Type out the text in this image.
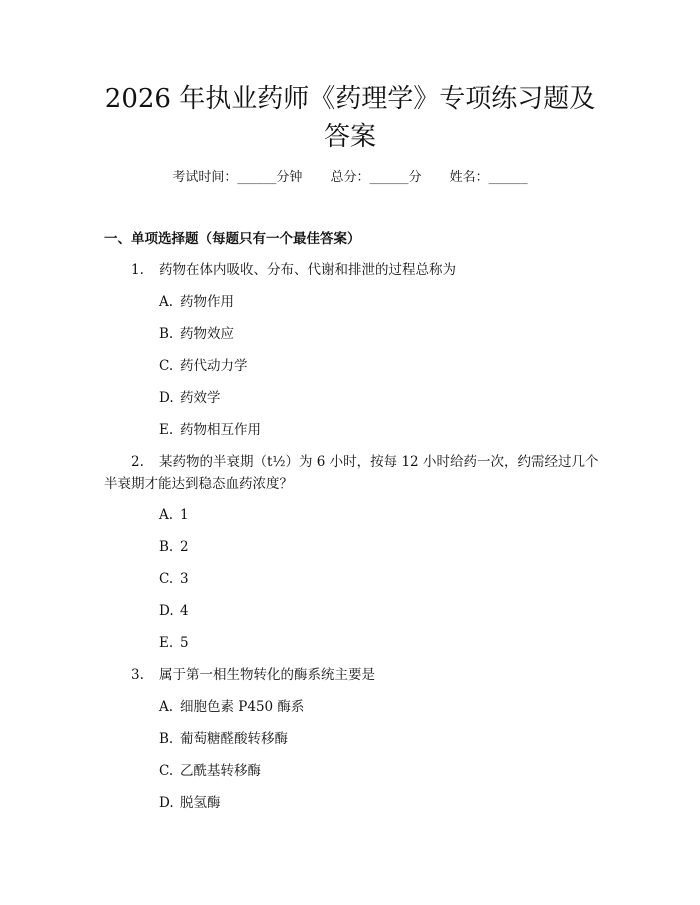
2026 年执业药师《药理学》专项练习题及答案
考试时间：______分钟 总分：______分 姓名：______
一、单项选择题（每题只有一个最佳答案）
1. 药物在体内吸收、分布、代谢和排泄的过程总称为
A. 药物作用
B. 药物效应
C. 药代动力学
D. 药效学
E. 药物相互作用
2. 某药物的半衰期（t½）为 6 小时，按每 12 小时给药一次，约需经过几个
半衰期才能达到稳态血药浓度？
A. 1
B. 2
C. 3
D. 4
E. 5
3. 属于第一相生物转化的酶系统主要是
A. 细胞色素 P450 酶系
B. 葡萄糖醛酸转移酶
C. 乙酰基转移酶
D. 脱氢酶
